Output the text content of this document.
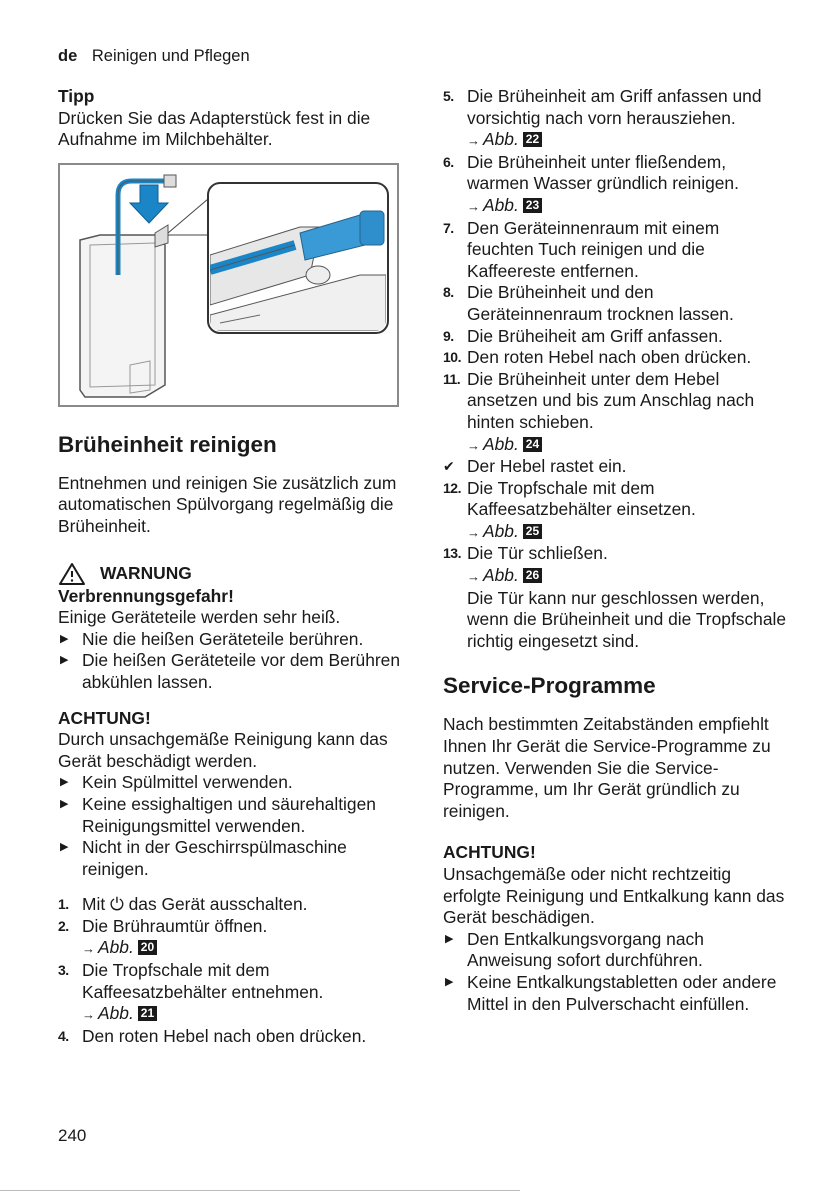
de Reinigen und Pflegen

Tipp

Drücken Sie das Adapterstück fest in die Aufnahme im Milchbehälter.

Brüheinheit reinigen

Entnehmen und reinigen Sie zusätzlich zum automatischen Spülvorgang regelmäßig die Brüheinheit.

WARNUNG

Verbrennungsgefahr!

Einige Geräteteile werden sehr heiß.

▶ Nie die heißen Geräteteile berühren.
▶ Die heißen Geräteteile vor dem Berühren abkühlen lassen.

ACHTUNG!

Durch unsachgemäße Reinigung kann das Gerät beschädigt werden.

▶ Kein Spülmittel verwenden.
▶ Keine essighaltigen und säurehaltigen Reinigungsmittel verwenden.
▶ Nicht in der Geschirrspülmaschine reinigen.
1. Mit ⏻ das Gerät ausschalten.
2. Die Brühraumtür öffnen.
→ Abb. 20
3. Die Tropfschale mit dem Kaffeesatzbehälter entnehmen.
→ Abb. 21
4. Den roten Hebel nach oben drücken.
5. Die Brüheinheit am Griff anfassen und vorsichtig nach vorn herausziehen.
→ Abb. 22
6. Die Brüheinheit unter fließendem, warmen Wasser gründlich reinigen.
→ Abb. 23
7. Den Geräteinnenraum mit einem feuchten Tuch reinigen und die Kaffeereste entfernen.
8. Die Brüheinheit und den Geräteinnenraum trocknen lassen.
9. Die Brüheiheit am Griff anfassen.
10. Den roten Hebel nach oben drücken.
11. Die Brüheinheit unter dem Hebel ansetzen und bis zum Anschlag nach hinten schieben.
→ Abb. 24
✔ Der Hebel rastet ein.
12. Die Tropfschale mit dem Kaffeesatzbehälter einsetzen.
→ Abb. 25
13. Die Tür schließen.
→ Abb. 26
Die Tür kann nur geschlossen werden, wenn die Brüheinheit und die Tropfschale richtig eingesetzt sind.
Service-Programme

Nach bestimmten Zeitabständen empfiehlt Ihnen Ihr Gerät die Service-Programme zu nutzen. Verwenden Sie die Service-Programme, um Ihr Gerät gründlich zu reinigen.

ACHTUNG!

Unsachgemäße oder nicht rechtzeitig erfolgte Reinigung und Entkalkung kann das Gerät beschädigen.

▶ Den Entkalkungsvorgang nach Anweisung sofort durchführen.
▶ Keine Entkalkungstabletten oder andere Mittel in den Pulverschacht einfüllen.
240
